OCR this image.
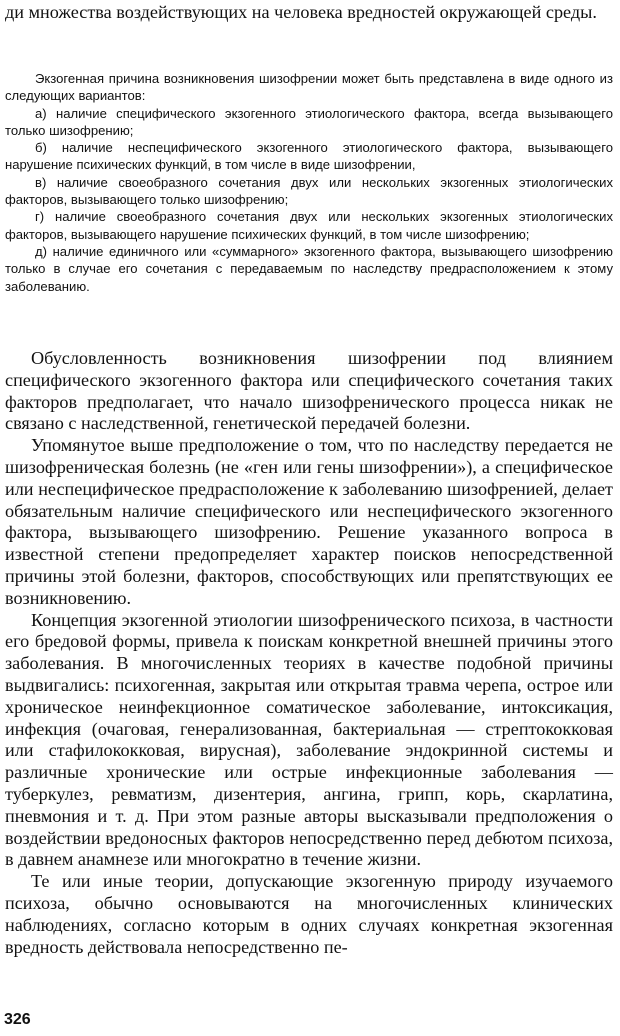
ди множества воздействующих на человека вредностей окружающей среды.

Экзогенная причина возникновения шизофрении может быть представлена в виде одного из следующих вариантов:

а) наличие специфического экзогенного этиологического фактора, всегда вызывающего только шизофрению;

б) наличие неспецифического экзогенного этиологического фактора, вызывающего нарушение психических функций, в том числе в виде шизофрении,

в) наличие своеобразного сочетания двух или нескольких экзогенных этиологических факторов, вызывающего только шизофрению;

г) наличие своеобразного сочетания двух или нескольких экзогенных этиологических факторов, вызывающего нарушение психических функций, в том числе шизофрению;

д) наличие единичного или «суммарного» экзогенного фактора, вызывающего шизофрению только в случае его сочетания с передаваемым по наследству предрасположением к этому заболеванию.

Обусловленность возникновения шизофрении под влиянием специфического экзогенного фактора или специфического сочетания таких факторов предполагает, что начало шизофренического процесса никак не связано с наследственной, генетической передачей болезни.

Упомянутое выше предположение о том, что по наследству передается не шизофреническая болезнь (не «ген или гены шизофрении»), а специфическое или неспецифическое предрасположение к заболеванию шизофренией, делает обязательным наличие специфического или неспецифического экзогенного фактора, вызывающего шизофрению. Решение указанного вопроса в известной степени предопределяет характер поисков непосредственной причины этой болезни, факторов, способствующих или препятствующих ее возникновению.

Концепция экзогенной этиологии шизофренического психоза, в частности его бредовой формы, привела к поискам конкретной внешней причины этого заболевания. В многочисленных теориях в качестве подобной причины выдвигались: психогенная, закрытая или открытая травма черепа, острое или хроническое неинфекционное соматическое заболевание, интоксикация, инфекция (очаговая, генерализованная, бактериальная — стрептококковая или стафилококковая, вирусная), заболевание эндокринной системы и различные хронические или острые инфекционные заболевания — туберкулез, ревматизм, дизентерия, ангина, грипп, корь, скарлатина, пневмония и т. д. При этом разные авторы высказывали предположения о воздействии вредоносных факторов непосредственно перед дебютом психоза, в давнем анамнезе или многократно в течение жизни.

Те или иные теории, допускающие экзогенную природу изучаемого психоза, обычно основываются на многочисленных клинических наблюдениях, согласно которым в одних случаях конкретная экзогенная вредность действовала непосредственно пе-

326
